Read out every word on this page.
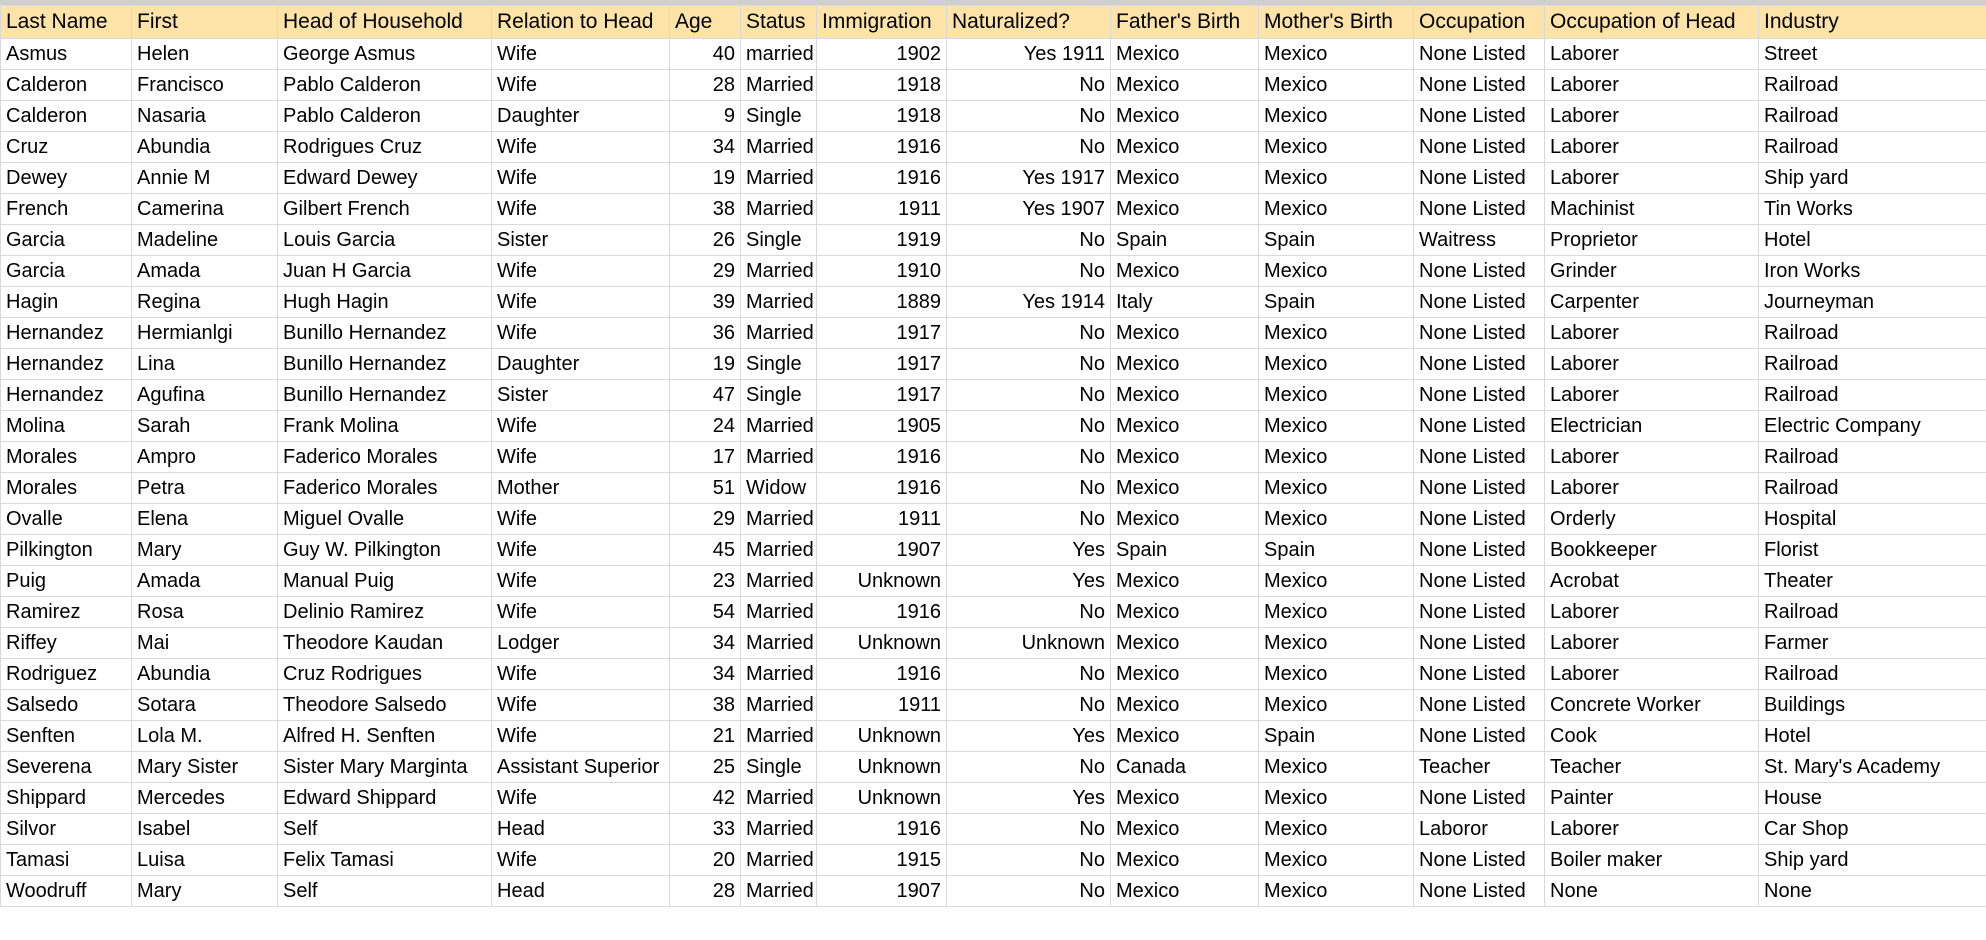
Last Name	First	Head of Household	Relation to Head	Age	Status	Immigration	Naturalized?	Father's Birth	Mother's Birth	Occupation	Occupation of Head	Industry
Asmus	Helen	George Asmus	Wife	40	married	1902	Yes 1911	Mexico	Mexico	None Listed	Laborer	Street
Calderon	Francisco	Pablo Calderon	Wife	28	Married	1918	No	Mexico	Mexico	None Listed	Laborer	Railroad
Calderon	Nasaria	Pablo Calderon	Daughter	9	Single	1918	No	Mexico	Mexico	None Listed	Laborer	Railroad
Cruz	Abundia	Rodrigues Cruz	Wife	34	Married	1916	No	Mexico	Mexico	None Listed	Laborer	Railroad
Dewey	Annie M	Edward Dewey	Wife	19	Married	1916	Yes 1917	Mexico	Mexico	None Listed	Laborer	Ship yard
French	Camerina	Gilbert French	Wife	38	Married	1911	Yes 1907	Mexico	Mexico	None Listed	Machinist	Tin Works
Garcia	Madeline	Louis Garcia	Sister	26	Single	1919	No	Spain	Spain	Waitress	Proprietor	Hotel
Garcia	Amada	Juan H Garcia	Wife	29	Married	1910	No	Mexico	Mexico	None Listed	Grinder	Iron Works
Hagin	Regina	Hugh Hagin	Wife	39	Married	1889	Yes 1914	Italy	Spain	None Listed	Carpenter	Journeyman
Hernandez	Hermianlgi	Bunillo Hernandez	Wife	36	Married	1917	No	Mexico	Mexico	None Listed	Laborer	Railroad
Hernandez	Lina	Bunillo Hernandez	Daughter	19	Single	1917	No	Mexico	Mexico	None Listed	Laborer	Railroad
Hernandez	Agufina	Bunillo Hernandez	Sister	47	Single	1917	No	Mexico	Mexico	None Listed	Laborer	Railroad
Molina	Sarah	Frank Molina	Wife	24	Married	1905	No	Mexico	Mexico	None Listed	Electrician	Electric Company
Morales	Ampro	Faderico Morales	Wife	17	Married	1916	No	Mexico	Mexico	None Listed	Laborer	Railroad
Morales	Petra	Faderico Morales	Mother	51	Widow	1916	No	Mexico	Mexico	None Listed	Laborer	Railroad
Ovalle	Elena	Miguel Ovalle	Wife	29	Married	1911	No	Mexico	Mexico	None Listed	Orderly	Hospital
Pilkington	Mary	Guy W. Pilkington	Wife	45	Married	1907	Yes	Spain	Spain	None Listed	Bookkeeper	Florist
Puig	Amada	Manual Puig	Wife	23	Married	Unknown	Yes	Mexico	Mexico	None Listed	Acrobat	Theater
Ramirez	Rosa	Delinio Ramirez	Wife	54	Married	1916	No	Mexico	Mexico	None Listed	Laborer	Railroad
Riffey	Mai	Theodore Kaudan	Lodger	34	Married	Unknown	Unknown	Mexico	Mexico	None Listed	Laborer	Farmer
Rodriguez	Abundia	Cruz Rodrigues	Wife	34	Married	1916	No	Mexico	Mexico	None Listed	Laborer	Railroad
Salsedo	Sotara	Theodore Salsedo	Wife	38	Married	1911	No	Mexico	Mexico	None Listed	Concrete Worker	Buildings
Senften	Lola M.	Alfred H. Senften	Wife	21	Married	Unknown	Yes	Mexico	Spain	None Listed	Cook	Hotel
Severena	Mary Sister	Sister Mary Marginta	Assistant Superior	25	Single	Unknown	No	Canada	Mexico	Teacher	Teacher	St. Mary's Academy
Shippard	Mercedes	Edward Shippard	Wife	42	Married	Unknown	Yes	Mexico	Mexico	None Listed	Painter	House
Silvor	Isabel	Self	Head	33	Married	1916	No	Mexico	Mexico	Laboror	Laborer	Car Shop
Tamasi	Luisa	Felix Tamasi	Wife	20	Married	1915	No	Mexico	Mexico	None Listed	Boiler maker	Ship yard
Woodruff	Mary	Self	Head	28	Married	1907	No	Mexico	Mexico	None Listed	None	None
